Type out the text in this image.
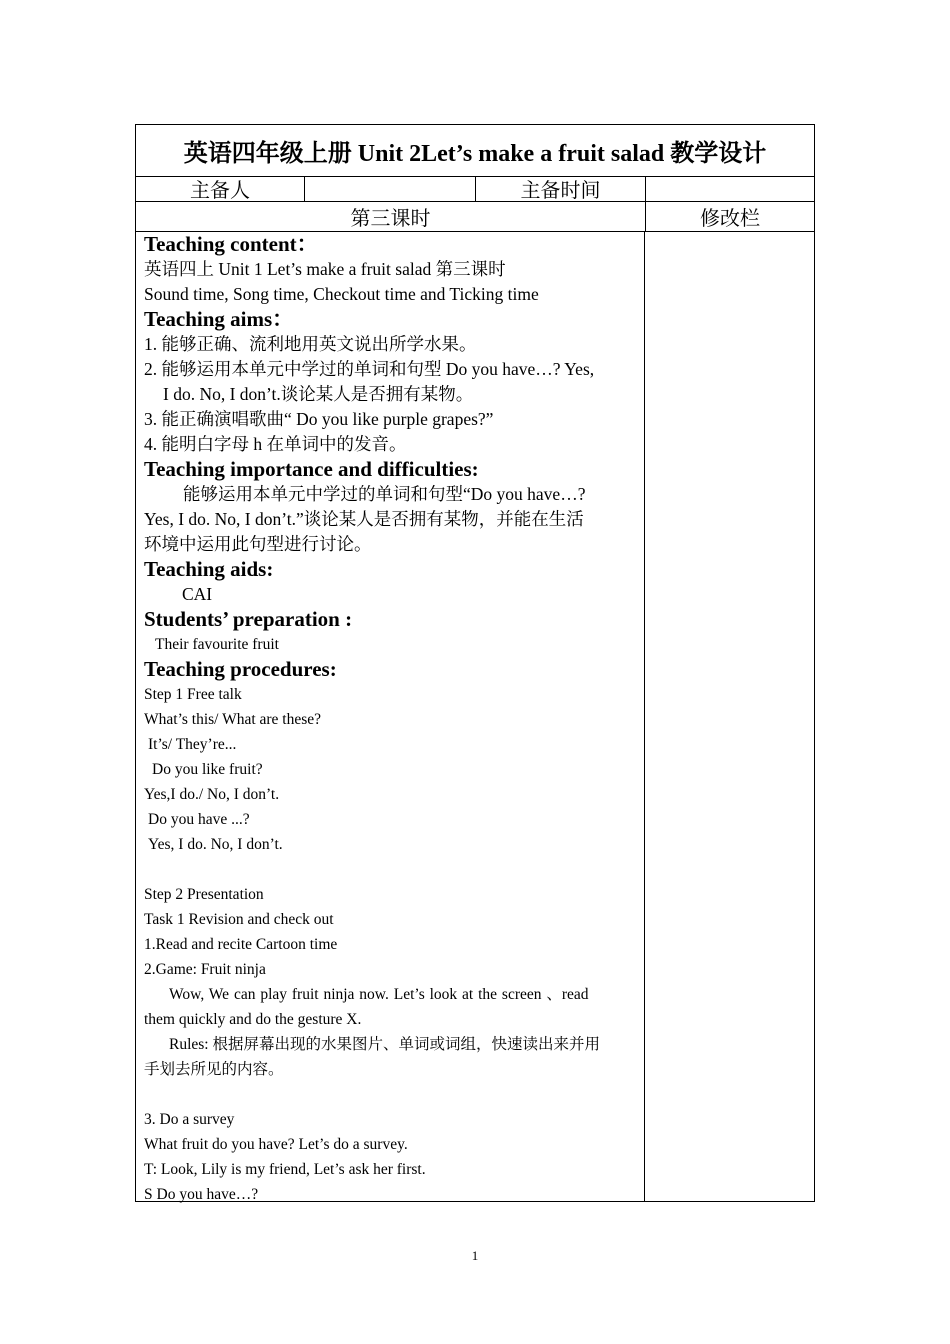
英语四年级上册 Unit 2Let’s make a fruit salad 教学设计
主备人	主备时间
第三课时	修改栏

Teaching content：

英语四上 Unit 1 Let’s make a fruit salad 第三课时

Sound time, Song time, Checkout time and Ticking time

Teaching aims：

1. 能够正确、流利地用英文说出所学水果。

2. 能够运用本单元中学过的单词和句型 Do you have…? Yes,

I do. No, I don’t.谈论某人是否拥有某物。

3. 能正确演唱歌曲“ Do you like purple grapes?”

4. 能明白字母 h 在单词中的发音。

Teaching importance and difficulties:

能够运用本单元中学过的单词和句型“Do you have…?

Yes, I do. No, I don’t.”谈论某人是否拥有某物，并能在生活

环境中运用此句型进行讨论。

Teaching aids:

CAI

Students’ preparation :

Their favourite fruit

Teaching procedures:

Step 1 Free talk

What’s this/ What are these?

It’s/ They’re...

Do you like fruit?

Yes,I do./ No, I don’t.

Do you have ...?

Yes, I do. No, I don’t.

Step 2 Presentation

Task 1 Revision and check out

1.Read and recite Cartoon time

2.Game: Fruit ninja

Wow, We can play fruit ninja now. Let’s look at the screen 、read

them quickly and do the gesture X.

Rules: 根据屏幕出现的水果图片、单词或词组，快速读出来并用

手划去所见的内容。

3. Do a survey

What fruit do you have? Let’s do a survey.

T: Look, Lily is my friend, Let’s ask her first.

S Do you have…?

1
